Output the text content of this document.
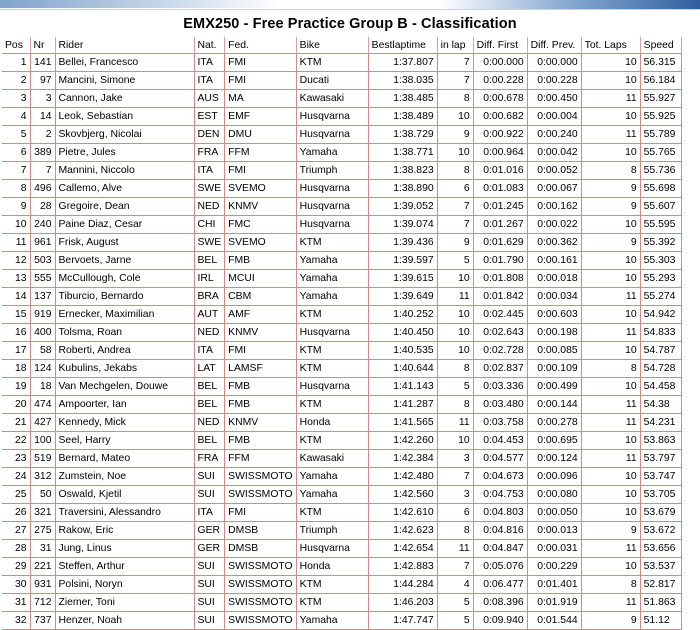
EMX250 - Free Practice Group B - Classification
Pos	Nr	Rider	Nat.	Fed.	Bike	Bestlaptime	in lap	Diff. First	Diff. Prev.	Tot. Laps	Speed
1	141	Bellei, Francesco	ITA	FMI	KTM	1:37.807	7	0:00.000	0:00.000	10	56.315
2	97	Mancini, Simone	ITA	FMI	Ducati	1:38.035	7	0:00.228	0:00.228	10	56.184
3	3	Cannon, Jake	AUS	MA	Kawasaki	1:38.485	8	0:00.678	0:00.450	11	55.927
4	14	Leok, Sebastian	EST	EMF	Husqvarna	1:38.489	10	0:00.682	0:00.004	10	55.925
5	2	Skovbjerg, Nicolai	DEN	DMU	Husqvarna	1:38.729	9	0:00.922	0:00.240	11	55.789
6	389	Pietre, Jules	FRA	FFM	Yamaha	1:38.771	10	0:00.964	0:00.042	10	55.765
7	7	Mannini, Niccolo	ITA	FMI	Triumph	1:38.823	8	0:01.016	0:00.052	8	55.736
8	496	Callemo, Alve	SWE	SVEMO	Husqvarna	1:38.890	6	0:01.083	0:00.067	9	55.698
9	28	Gregoire, Dean	NED	KNMV	Husqvarna	1:39.052	7	0:01.245	0:00.162	9	55.607
10	240	Paine Diaz, Cesar	CHI	FMC	Husqvarna	1:39.074	7	0:01.267	0:00.022	10	55.595
11	961	Frisk, August	SWE	SVEMO	KTM	1:39.436	9	0:01.629	0:00.362	9	55.392
12	503	Bervoets, Jarne	BEL	FMB	Yamaha	1:39.597	5	0:01.790	0:00.161	10	55.303
13	555	McCullough, Cole	IRL	MCUI	Yamaha	1:39.615	10	0:01.808	0:00.018	10	55.293
14	137	Tiburcio, Bernardo	BRA	CBM	Yamaha	1:39.649	11	0:01.842	0:00.034	11	55.274
15	919	Ernecker, Maximilian	AUT	AMF	KTM	1:40.252	10	0:02.445	0:00.603	10	54.942
16	400	Tolsma, Roan	NED	KNMV	Husqvarna	1:40.450	10	0:02.643	0:00.198	11	54.833
17	58	Roberti, Andrea	ITA	FMI	KTM	1:40.535	10	0:02.728	0:00.085	10	54.787
18	124	Kubulins, Jekabs	LAT	LAMSF	KTM	1:40.644	8	0:02.837	0:00.109	8	54.728
19	18	Van Mechgelen, Douwe	BEL	FMB	Husqvarna	1:41.143	5	0:03.336	0:00.499	10	54.458
20	474	Ampoorter, Ian	BEL	FMB	KTM	1:41.287	8	0:03.480	0:00.144	11	54.38
21	427	Kennedy, Mick	NED	KNMV	Honda	1:41.565	11	0:03.758	0:00.278	11	54.231
22	100	Seel, Harry	BEL	FMB	KTM	1:42.260	10	0:04.453	0:00.695	10	53.863
23	519	Bernard, Mateo	FRA	FFM	Kawasaki	1:42.384	3	0:04.577	0:00.124	11	53.797
24	312	Zumstein, Noe	SUI	SWISSMOTO	Yamaha	1:42.480	7	0:04.673	0:00.096	10	53.747
25	50	Oswald, Kjetil	SUI	SWISSMOTO	Yamaha	1:42.560	3	0:04.753	0:00.080	10	53.705
26	321	Traversini, Alessandro	ITA	FMI	KTM	1:42.610	6	0:04.803	0:00.050	10	53.679
27	275	Rakow, Eric	GER	DMSB	Triumph	1:42.623	8	0:04.816	0:00.013	9	53.672
28	31	Jung, Linus	GER	DMSB	Husqvarna	1:42.654	11	0:04.847	0:00.031	11	53.656
29	221	Steffen, Arthur	SUI	SWISSMOTO	Honda	1:42.883	7	0:05.076	0:00.229	10	53.537
30	931	Polsini, Noryn	SUI	SWISSMOTO	KTM	1:44.284	4	0:06.477	0:01.401	8	52.817
31	712	Ziemer, Toni	SUI	SWISSMOTO	KTM	1:46.203	5	0:08.396	0:01.919	11	51.863
32	737	Henzer, Noah	SUI	SWISSMOTO	Yamaha	1:47.747	5	0:09.940	0:01.544	9	51.12
